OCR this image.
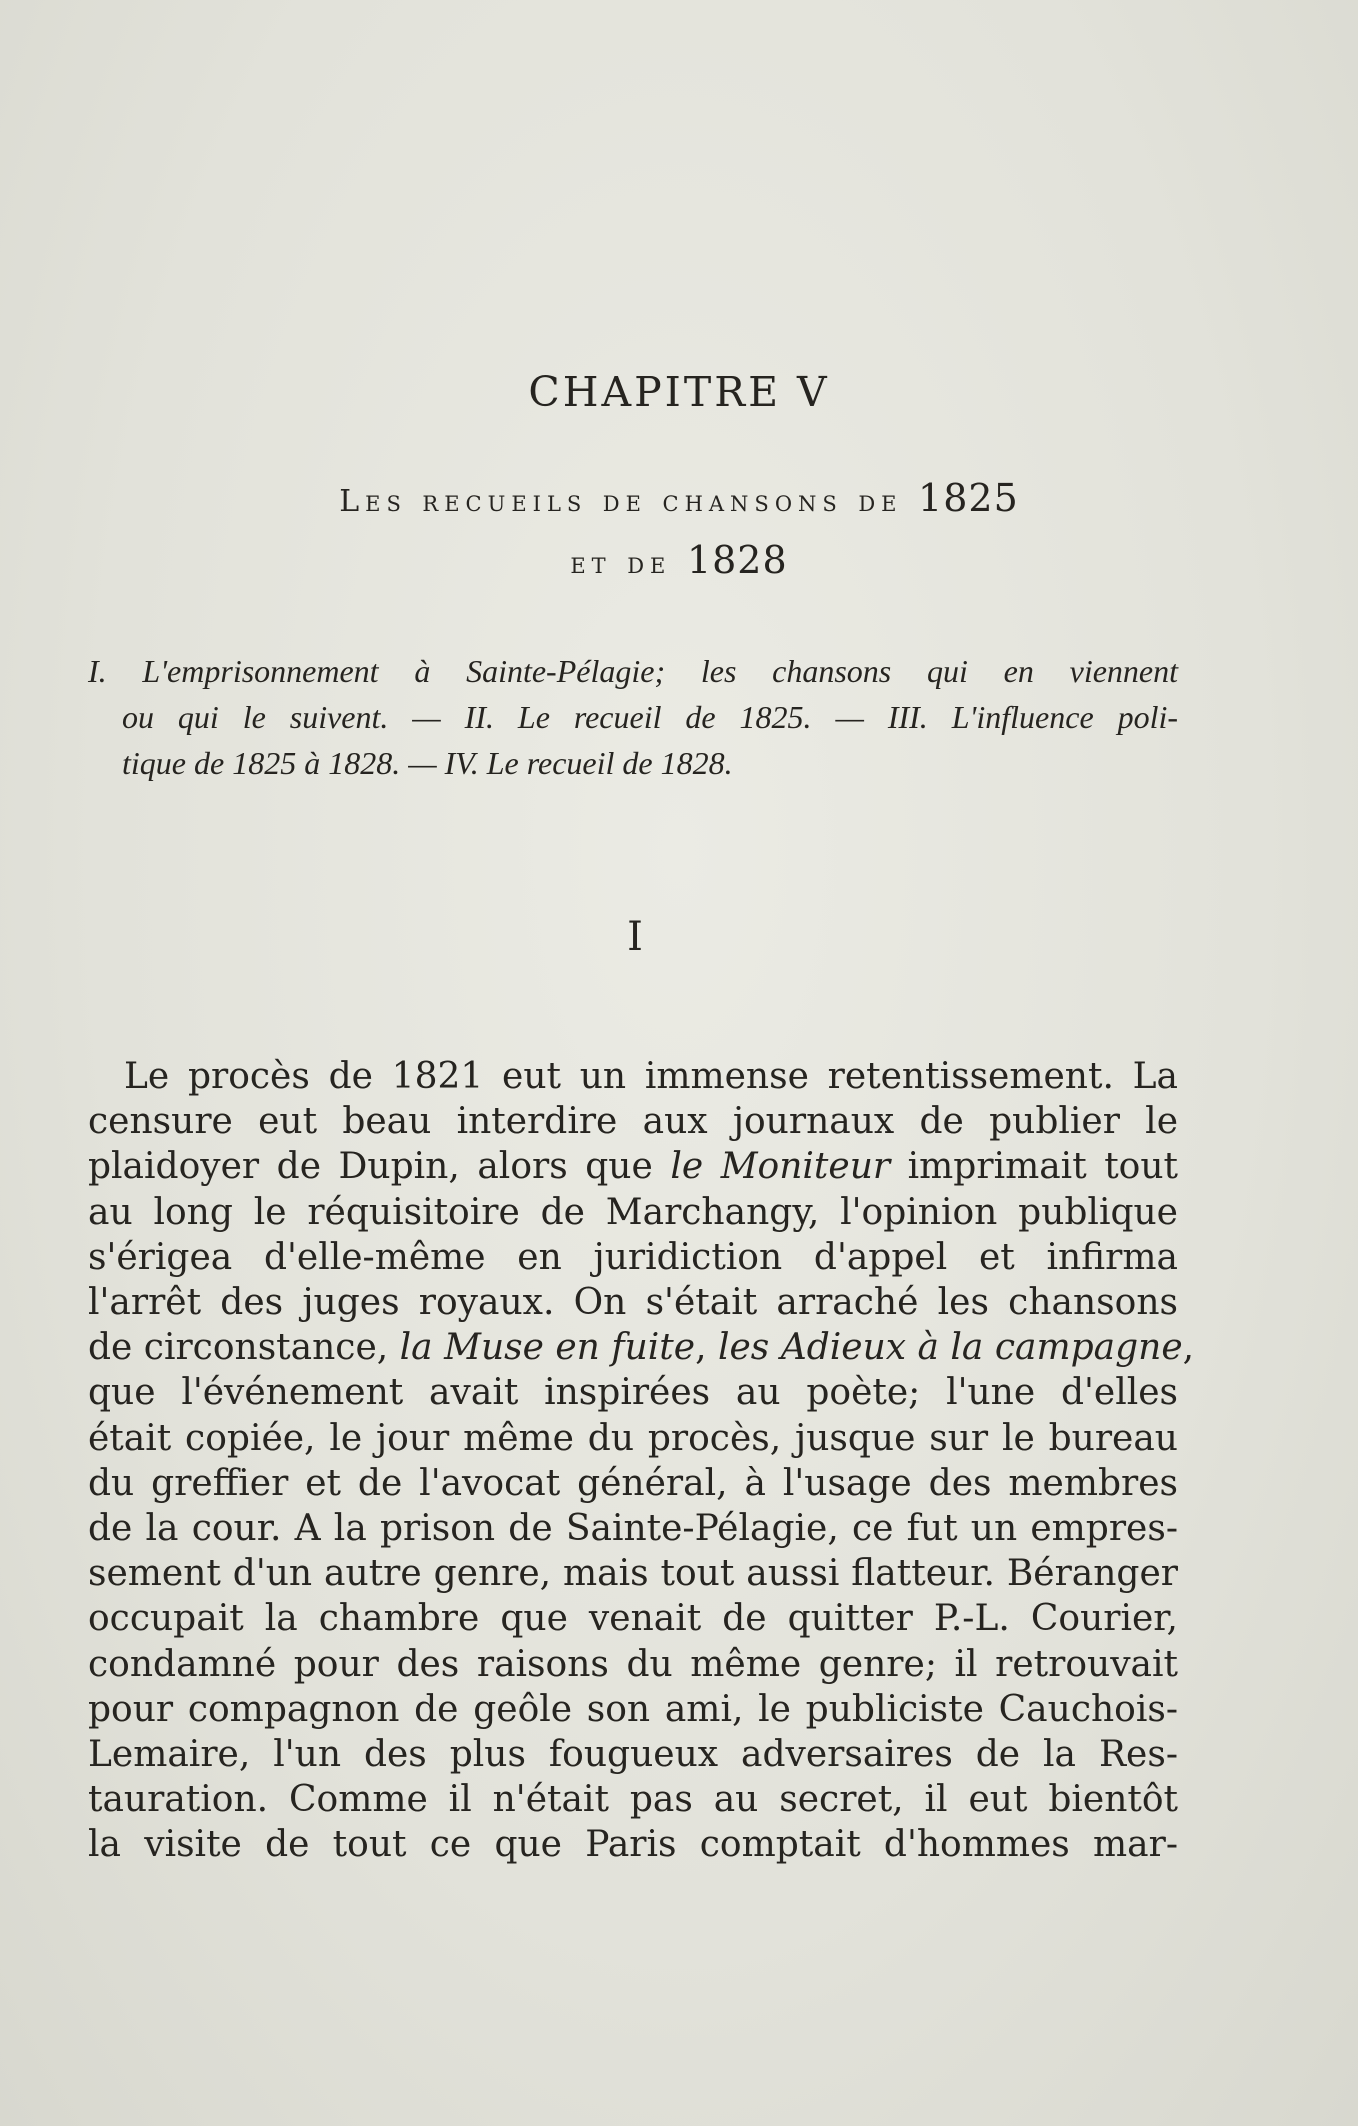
CHAPITRE V
Les recueils de chansons de 1825
et de 1828
I. L'emprisonnement à Sainte-Pélagie; les chansons qui en viennent
ou qui le suivent. — II. Le recueil de 1825. — III. L'influence poli-
tique de 1825 à 1828. — IV. Le recueil de 1828.
I
Le procès de 1821 eut un immense retentissement. La
censure eut beau interdire aux journaux de publier le
plaidoyer de Dupin, alors que le Moniteur imprimait tout
au long le réquisitoire de Marchangy, l'opinion publique
s'érigea d'elle-même en juridiction d'appel et infirma
l'arrêt des juges royaux. On s'était arraché les chansons
de circonstance, la Muse en fuite, les Adieux à la campagne,
que l'événement avait inspirées au poète; l'une d'elles
était copiée, le jour même du procès, jusque sur le bureau
du greffier et de l'avocat général, à l'usage des membres
de la cour. A la prison de Sainte-Pélagie, ce fut un empres-
sement d'un autre genre, mais tout aussi flatteur. Béranger
occupait la chambre que venait de quitter P.-L. Courier,
condamné pour des raisons du même genre; il retrouvait
pour compagnon de geôle son ami, le publiciste Cauchois-
Lemaire, l'un des plus fougueux adversaires de la Res-
tauration. Comme il n'était pas au secret, il eut bientôt
la visite de tout ce que Paris comptait d'hommes mar-
